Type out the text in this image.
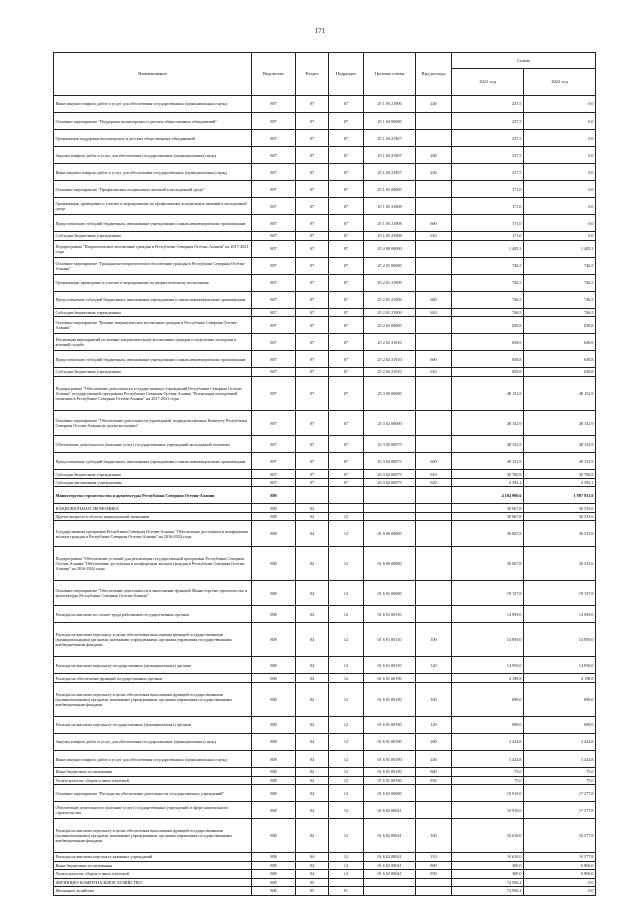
171
Наименование	Ведомство	Раздел	Подраздел	Целевая статья	Вид расхода	Сумма	
						2021 год	2022 год
Иные закупки товаров, работ и услуг для обеспечения государственных (муниципальных) нужд	807	07	07	25 1 03 21906	240	237,5	0,0
Основное мероприятие "Поддержка волонтерских и детских общественных объединений"	807	07	07	25 1 04 00000		237,5	0,0
Организация поддержки волонтерских и детских общественных объединений	807	07	07	25 1 04 21907		237,5	0,0
Закупка товаров, работ и услуг для обеспечения государственных (муниципальных) нужд	807	07	07	25 1 04 21907	200	237,5	0,0
Иные закупки товаров, работ и услуг для обеспечения государственных (муниципальных) нужд	807	07	07	25 1 04 21907	240	237,5	0,0
Основное мероприятие "Профилактика асоциальных явлений в молодежной среде"	807	07	07	25 1 05 00000		171,0	0,0
Организация, проведение и участие в мероприятиях по профилактике асоциальных явлений в молодежной среде	807	07	07	25 1 05 21908		171,0	0,0
Предоставление субсидий бюджетным, автономным учреждениям и иным некоммерческим организациям	807	07	07	25 1 05 21908	600	171,0	0,0
Субсидии бюджетным учреждениям	807	07	07	25 1 05 21908	610	171,0	0,0
Подпрограмма "Патриотическое воспитание граждан в Республике Северная Осетия–Алания" на 2017-2021 годы	807	07	07	25 2 00 00000		1 405,3	1 405,3
Основное мероприятие "Гражданско-патриотическое воспитание граждан в Республике Северная Осетия-Алания"	807	07	07	25 2 01 00000		746,5	746,5
Организация, проведение и участие в мероприятиях по патриотическому воспитанию	807	07	07	25 2 01 21909		746,5	746,5
Предоставление субсидий бюджетным, автономным учреждениям и иным некоммерческим организациям	807	07	07	25 2 01 21909	600	746,5	746,5
Субсидии бюджетным учреждениям	807	07	07	25 2 01 21909	610	746,5	746,5
Основное мероприятие "Военно-патриотическое воспитание граждан в Республике Северная Осетия-Алания"	807	07	07	25 2 02 00000		658,8	658,8
Реализация мероприятий по военно-патриотическому воспитанию граждан и подготовке молодежи к военной службе	807	07	07	25 2 02 21910		658,8	658,8
Предоставление субсидий бюджетным, автономным учреждениям и иным некоммерческим организациям	807	07	07	25 2 02 21910	600	658,8	658,8
Субсидии бюджетным учреждениям	807	07	07	25 2 02 21910	610	658,8	658,8
Подпрограмма "Обеспечение деятельности государственных учреждений Республики Северная Осетия-Алания" государственной программы Республики Северная Осетия-Алания "Реализация молодежной политики в Республике Северная Осетия-Алания" на 2017-2021 годы	807	07	07	25 3 00 00000		48 152,9	48 152,9
Основное мероприятие "Обеспечение деятельности учреждений, подведомственных Комитету Республики Северная Осетия-Алания по делам молодежи"	807	07	07	25 3 02 00000		48 152,9	48 152,9
Обеспечение деятельности (оказание услуг) государственных учреждений молодежной политики	807	07	07	25 3 02 00075		48 152,9	48 152,9
Предоставление субсидий бюджетным, автономным учреждениям и иным некоммерческим организациям	807	07	07	25 3 02 00075	600	48 152,9	48 152,9
Субсидии бюджетным учреждениям	807	07	07	25 3 02 00075	610	45 760,8	45 760,8
Субсидии автономным учреждениям	807	07	07	25 3 02 00075	620	2 392,1	2 392,1
Министерство строительства и архитектуры Республики Северная Осетия-Алания	808					4 184 906,6	1 897 833,0
НАЦИОНАЛЬНАЯ ЭКОНОМИКА	808	04				30 067,8	36 535,6
Другие вопросы в области национальной экономики	808	04	12			30 067,8	36 535,6
Государственная программа Республики Северная Осетия-Алания "Обеспечение доступным и комфортным жильем граждан в Республике Северная Осетия-Алания" на 2016-2024 годы	808	04	12	01 0 00 00000		30 067,8	36 535,6
Подпрограмма "Обеспечение условий для реализации государственной программы Республики Северная Осетия-Алания "Обеспечение доступным и комфортным жильем граждан в Республике Северная Осетия-Алания" на 2016-2024 годы	808	04	12	01 6 00 00000		30 067,8	36 535,6
Основное мероприятие "Обеспечение деятельности и выполнение функций Министерства строительства и архитектуры Республики Северная Осетия-Алания"	808	04	12	01 6 01 00000		19 157,8	19 157,8
Расходы на выплаты по оплате труда работников государственных органов	808	04	12	01 6 01 00110		14 959,0	14 959,0
Расходы на выплаты персоналу в целях обеспечения выполнения функций государственными (муниципальными) органами, казенными учреждениями, органами управления государственными внебюджетными фондами	808	04	12	01 6 01 00110	100	14 959,0	14 959,0
Расходы на выплаты персоналу государственных (муниципальных) органов	808	04	12	01 6 01 00110	120	14 959,0	14 959,0
Расходы на обеспечение функций государственных органов	808	04	12	01 6 01 00190		4 198,8	4 198,8
Расходы на выплаты персоналу в целях обеспечения выполнения функций государственными (муниципальными) органами, казенными учреждениями, органами управления государственными внебюджетными фондами	808	04	12	01 6 01 00190	100	699,0	699,0
Расходы на выплаты персоналу государственных (муниципальных) органов	808	04	12	01 6 01 00190	120	699,0	699,0
Закупка товаров, работ и услуг для обеспечения государственных (муниципальных) нужд	808	04	12	01 6 01 00190	200	3 424,8	3 424,8
Иные закупки товаров, работ и услуг для обеспечения государственных (муниципальных) нужд	808	04	12	01 6 01 00190	240	3 424,8	3 424,8
Иные бюджетные ассигнования	808	04	12	01 6 01 00190	800	75,0	75,0
Уплата налогов, сборов и иных платежей	808	04	12	01 6 01 00190	850	75,0	75,0
Основное мероприятие "Расходы на обеспечение деятельности государственных учреждений"	808	04	12	01 6 02 00000		10 910,0	17 377,8
Обеспечение деятельности (оказание услуг) государственных учреждений в сфере капитального строительства	808	04	12	01 6 02 00041		10 910,0	17 377,8
Расходы на выплаты персоналу в целях обеспечения выполнения функций государственными (муниципальными) органами, казенными учреждениями, органами управления государственными внебюджетными фондами	808	04	12	01 6 02 00041	100	10 610,0	10 577,8
Расходы на выплаты персоналу казенных учреждений	808	04	12	01 6 02 00041	110	10 610,0	10 577,8
Иные бюджетные ассигнования	808	04	12	01 6 02 00041	800	300,0	6 800,0
Уплата налогов, сборов и иных платежей	808	04	12	01 6 02 00041	850	300,0	6 800,0
ЖИЛИЩНО-КОММУНАЛЬНОЕ ХОЗЯЙСТВО	808	05				74 956,2	0,0
Жилищное хозяйство	808	05	01			74 956,2	0,0
